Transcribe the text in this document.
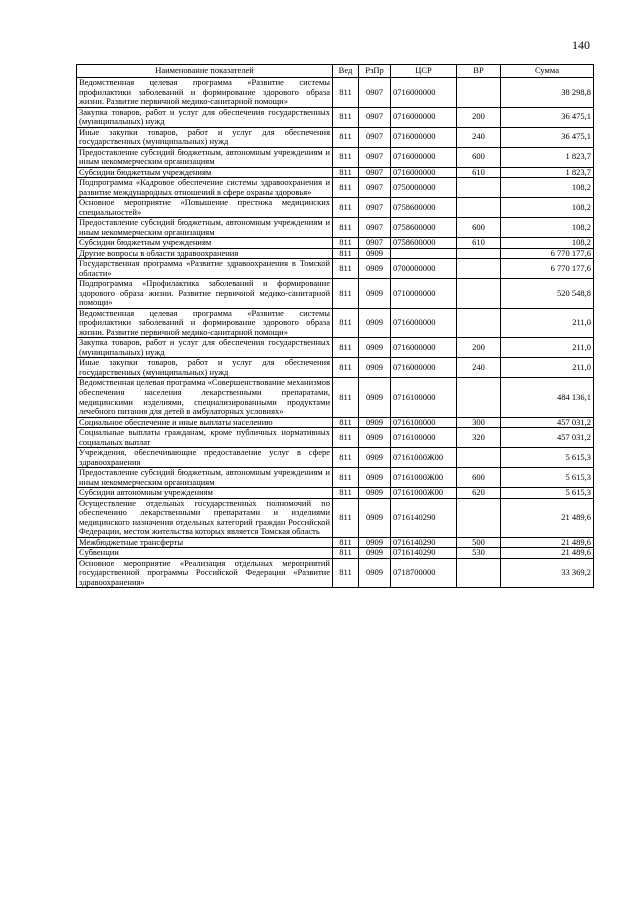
140
Наименование показателей	Вед	РзПр	ЦСР	ВР	Сумма
Ведомственная целевая программа «Развитие системы профилактики заболеваний и формирование здорового образа жизни. Развитие первичной медико-санитарной помощи»	811	0907	0716000000		38 298,8
Закупка товаров, работ и услуг для обеспечения государственных (муниципальных) нужд	811	0907	0716000000	200	36 475,1
Иные закупки товаров, работ и услуг для обеспечения государственных (муниципальных) нужд	811	0907	0716000000	240	36 475,1
Предоставление субсидий бюджетным, автономным учреждениям и иным некоммерческим организациям	811	0907	0716000000	600	1 823,7
Субсидии бюджетным учреждениям	811	0907	0716000000	610	1 823,7
Подпрограмма «Кадровое обеспечение системы здравоохранения и развитие международных отношений в сфере охраны здоровья»	811	0907	0750000000		108,2
Основное мероприятие «Повышение престижа медицинских специальностей»	811	0907	0758600000		108,2
Предоставление субсидий бюджетным, автономным учреждениям и иным некоммерческим организациям	811	0907	0758600000	600	108,2
Субсидии бюджетным учреждениям	811	0907	0758600000	610	108,2
Другие вопросы в области здравоохранения	811	0909			6 770 177,6
Государственная программа «Развитие здравоохранения в Томской области»	811	0909	0700000000		6 770 177,6
Подпрограмма «Профилактика заболеваний и формирование здорового образа жизни. Развитие первичной медико-санитарной помощи»	811	0909	0710000000		520 548,8
Ведомственная целевая программа «Развитие системы профилактики заболеваний и формирование здорового образа жизни. Развитие первичной медико-санитарной помощи»	811	0909	0716000000		211,0
Закупка товаров, работ и услуг для обеспечения государственных (муниципальных) нужд	811	0909	0716000000	200	211,0
Иные закупки товаров, работ и услуг для обеспечения государственных (муниципальных) нужд	811	0909	0716000000	240	211,0
Ведомственная целевая программа «Совершенствование механизмов обеспечения населения лекарственными препаратами, медицинскими изделиями, специализированными продуктами лечебного питания для детей в амбулаторных условиях»	811	0909	0716100000		484 136,1
Социальное обеспечение и иные выплаты населению	811	0909	0716100000	300	457 031,2
Социальные выплаты гражданам, кроме публичных нормативных социальных выплат	811	0909	0716100000	320	457 031,2
Учреждения, обеспечивающие предоставление услуг в сфере здравоохранения	811	0909	07161000Ж00		5 615,3
Предоставление субсидий бюджетным, автономным учреждениям и иным некоммерческим организациям	811	0909	07161000Ж00	600	5 615,3
Субсидии автономным учреждениям	811	0909	07161000Ж00	620	5 615,3
Осуществление отдельных государственных полномочий по обеспечению лекарственными препаратами и изделиями медицинского назначения отдельных категорий граждан Российской Федерации, местом жительства которых является Томская область	811	0909	0716140290		21 489,6
Межбюджетные трансферты	811	0909	0716140290	500	21 489,6
Субвенции	811	0909	0716140290	530	21 489,6
Основное мероприятие «Реализация отдельных мероприятий государственной программы Российской Федерации «Развитие здравоохранения»	811	0909	0718700000		33 369,2
